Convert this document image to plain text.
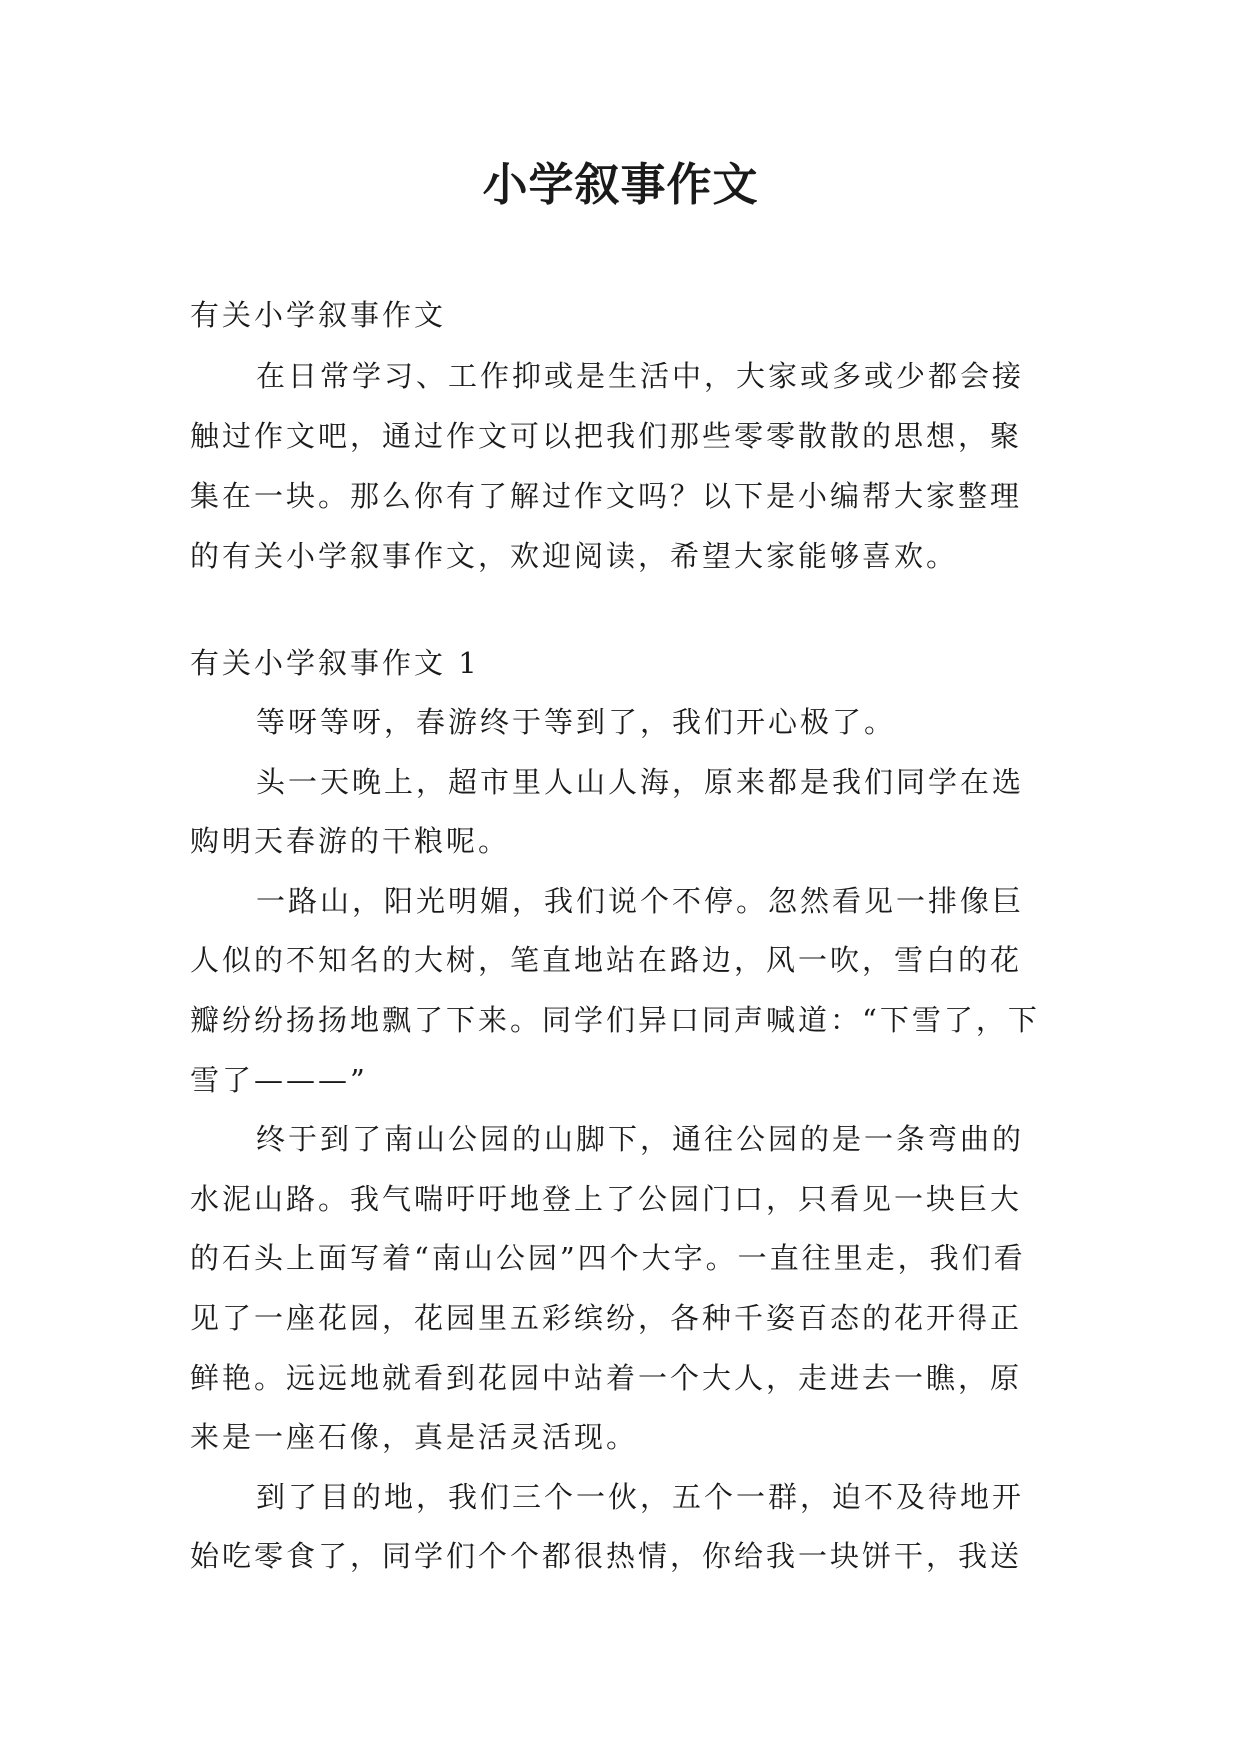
小学叙事作文
有关小学叙事作文
在日常学习、工作抑或是生活中，大家或多或少都会接触过作文吧，通过作文可以把我们那些零零散散的思想，聚集在一块。那么你有了解过作文吗？以下是小编帮大家整理的有关小学叙事作文，欢迎阅读，希望大家能够喜欢。
有关小学叙事作文 1

等呀等呀，春游终于等到了，我们开心极了。

头一天晚上，超市里人山人海，原来都是我们同学在选购明天春游的干粮呢。

一路山，阳光明媚，我们说个不停。忽然看见一排像巨人似的不知名的大树，笔直地站在路边，风一吹，雪白的花瓣纷纷扬扬地飘了下来。同学们异口同声喊道：“下雪了，下雪了———”

终于到了南山公园的山脚下，通往公园的是一条弯曲的水泥山路。我气喘吁吁地登上了公园门口，只看见一块巨大的石头上面写着“南山公园”四个大字。一直往里走，我们看见了一座花园，花园里五彩缤纷，各种千姿百态的花开得正鲜艳。远远地就看到花园中站着一个大人，走进去一瞧，原来是一座石像，真是活灵活现。

到了目的地，我们三个一伙，五个一群，迫不及待地开始吃零食了，同学们个个都很热情，你给我一块饼干，我送
